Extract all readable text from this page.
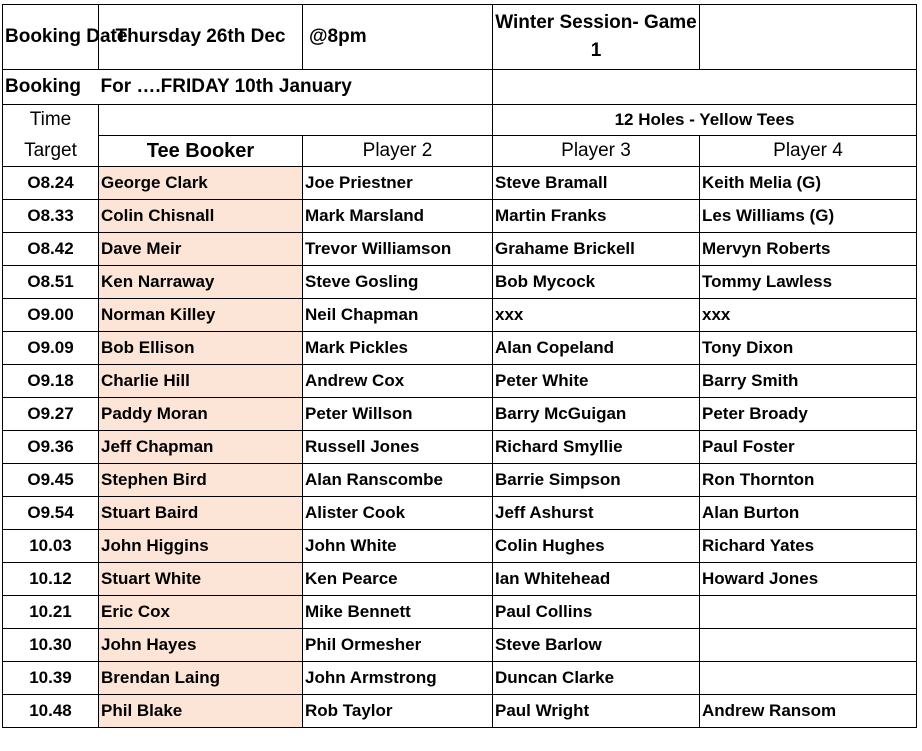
Booking Date	Thursday 26th Dec	@8pm	Winter Session- Game 1	
Booking	For ….FRIDAY 10th January			
Time			12 Holes - Yellow Tees	
Target	Tee Booker	Player 2	Player 3	Player 4
O8.24	George Clark	Joe Priestner	Steve Bramall	Keith Melia (G)
O8.33	Colin Chisnall	Mark Marsland	Martin Franks	Les Williams (G)
O8.42	Dave Meir	Trevor Williamson	Grahame Brickell	Mervyn Roberts
O8.51	Ken Narraway	Steve Gosling	Bob Mycock	Tommy Lawless
O9.00	Norman Killey	Neil Chapman	xxx	xxx
O9.09	Bob Ellison	Mark Pickles	Alan Copeland	Tony Dixon
O9.18	Charlie Hill	Andrew Cox	Peter White	Barry Smith
O9.27	Paddy Moran	Peter Willson	Barry McGuigan	Peter Broady
O9.36	Jeff Chapman	Russell Jones	Richard Smyllie	Paul Foster
O9.45	Stephen Bird	Alan Ranscombe	Barrie Simpson	Ron Thornton
O9.54	Stuart Baird	Alister Cook	Jeff Ashurst	Alan Burton
10.03	John Higgins	John White	Colin Hughes	Richard Yates
10.12	Stuart White	Ken Pearce	Ian Whitehead	Howard Jones
10.21	Eric Cox	Mike Bennett	Paul Collins	
10.30	John Hayes	Phil Ormesher	Steve Barlow	
10.39	Brendan Laing	John Armstrong	Duncan Clarke	
10.48	Phil Blake	Rob Taylor	Paul Wright	Andrew Ransom
